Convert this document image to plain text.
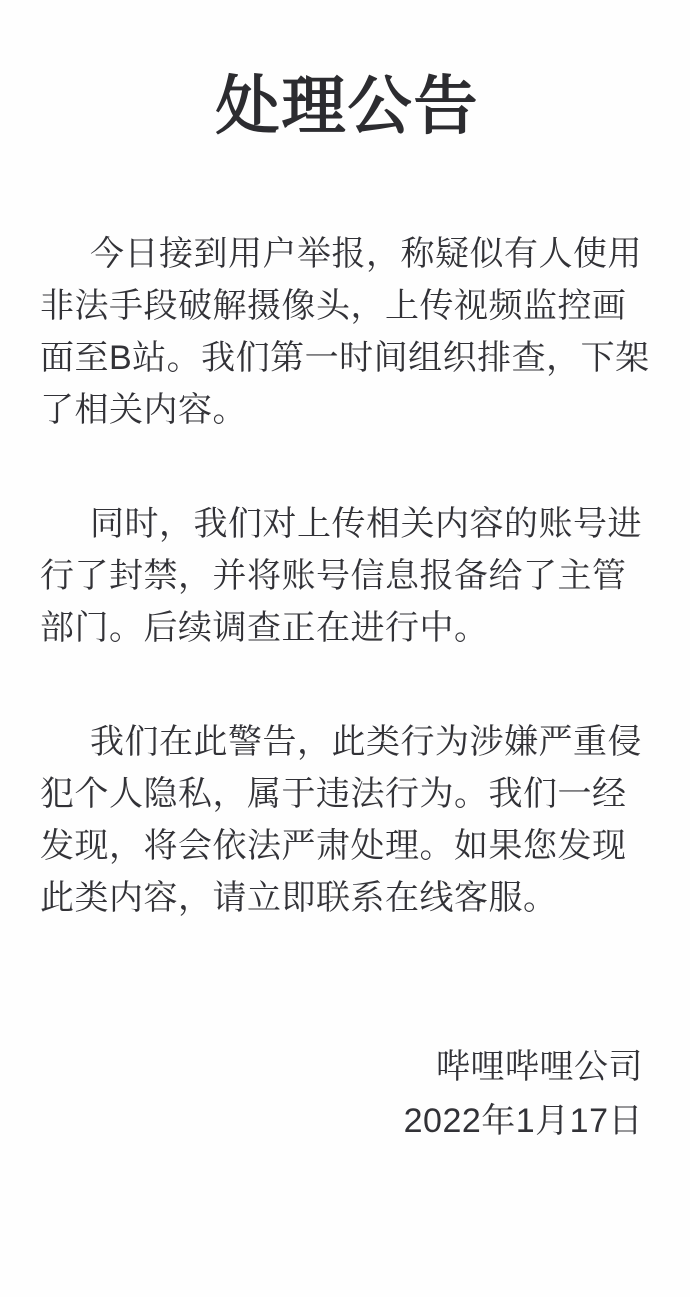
处理公告

今日接到用户举报，称疑似有人使用非法手段破解摄像头，上传视频监控画面至B站。我们第一时间组织排查，下架了相关内容。

同时，我们对上传相关内容的账号进行了封禁，并将账号信息报备给了主管部门。后续调查正在进行中。

我们在此警告，此类行为涉嫌严重侵犯个人隐私，属于违法行为。我们一经发现，将会依法严肃处理。如果您发现此类内容，请立即联系在线客服。

哔哩哔哩公司
2022年1月17日
